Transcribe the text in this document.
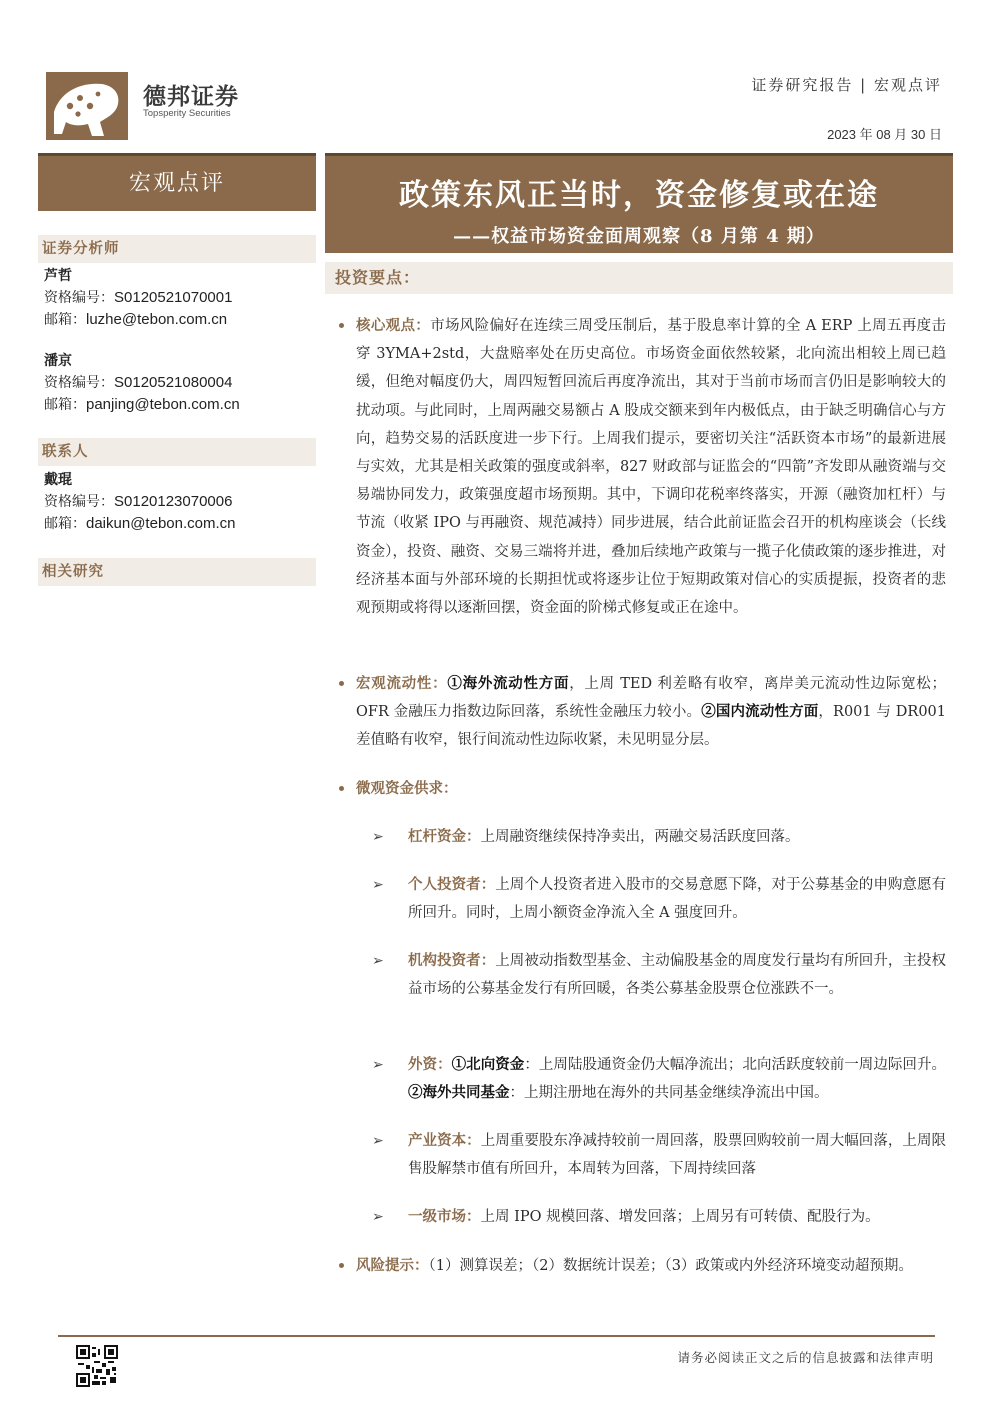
德邦证券
Topsperity Securities
证券研究报告 | 宏观点评
2023 年 08 月 30 日
宏观点评
证券分析师
芦哲
资格编号：S0120521070001
邮箱：luzhe@tebon.com.cn
潘京
资格编号：S0120521080004
邮箱：panjing@tebon.com.cn
联系人
戴琨
资格编号：S0120123070006
邮箱：daikun@tebon.com.cn
相关研究
政策东风正当时，资金修复或在途
——权益市场资金面周观察（8 月第 4 期）
投资要点：
核心观点：市场风险偏好在连续三周受压制后，基于股息率计算的全 A ERP 上周五再度击穿 3YMA+2std，大盘赔率处在历史高位。市场资金面依然较紧，北向流出相较上周已趋缓，但绝对幅度仍大，周四短暂回流后再度净流出，其对于当前市场而言仍旧是影响较大的扰动项。与此同时，上周两融交易额占 A 股成交额来到年内极低点，由于缺乏明确信心与方向，趋势交易的活跃度进一步下行。上周我们提示，要密切关注“活跃资本市场”的最新进展与实效，尤其是相关政策的强度或斜率，827 财政部与证监会的“四箭”齐发即从融资端与交易端协同发力，政策强度超市场预期。其中，下调印花税率终落实，开源（融资加杠杆）与节流（收紧 IPO 与再融资、规范减持）同步进展，结合此前证监会召开的机构座谈会（长线资金），投资、融资、交易三端将并进，叠加后续地产政策与一揽子化债政策的逐步推进，对经济基本面与外部环境的长期担忧或将逐步让位于短期政策对信心的实质提振，投资者的悲观预期或将得以逐渐回摆，资金面的阶梯式修复或正在途中。
宏观流动性：①海外流动性方面，上周 TED 利差略有收窄，离岸美元流动性边际宽松；OFR 金融压力指数边际回落，系统性金融压力较小。②国内流动性方面，R001 与 DR001 差值略有收窄，银行间流动性边际收紧，未见明显分层。
微观资金供求：
➢ 杠杆资金：上周融资继续保持净卖出，两融交易活跃度回落。
➢ 个人投资者：上周个人投资者进入股市的交易意愿下降，对于公募基金的申购意愿有所回升。同时，上周小额资金净流入全 A 强度回升。
➢ 机构投资者：上周被动指数型基金、主动偏股基金的周度发行量均有所回升，主投权益市场的公募基金发行有所回暖，各类公募基金股票仓位涨跌不一。
➢ 外资：①北向资金：上周陆股通资金仍大幅净流出；北向活跃度较前一周边际回升。②海外共同基金：上期注册地在海外的共同基金继续净流出中国。
➢ 产业资本：上周重要股东净减持较前一周回落，股票回购较前一周大幅回落，上周限售股解禁市值有所回升，本周转为回落，下周持续回落
➢ 一级市场：上周 IPO 规模回落、增发回落；上周另有可转债、配股行为。
风险提示：（1）测算误差；（2）数据统计误差；（3）政策或内外经济环境变动超预期。
请务必阅读正文之后的信息披露和法律声明
